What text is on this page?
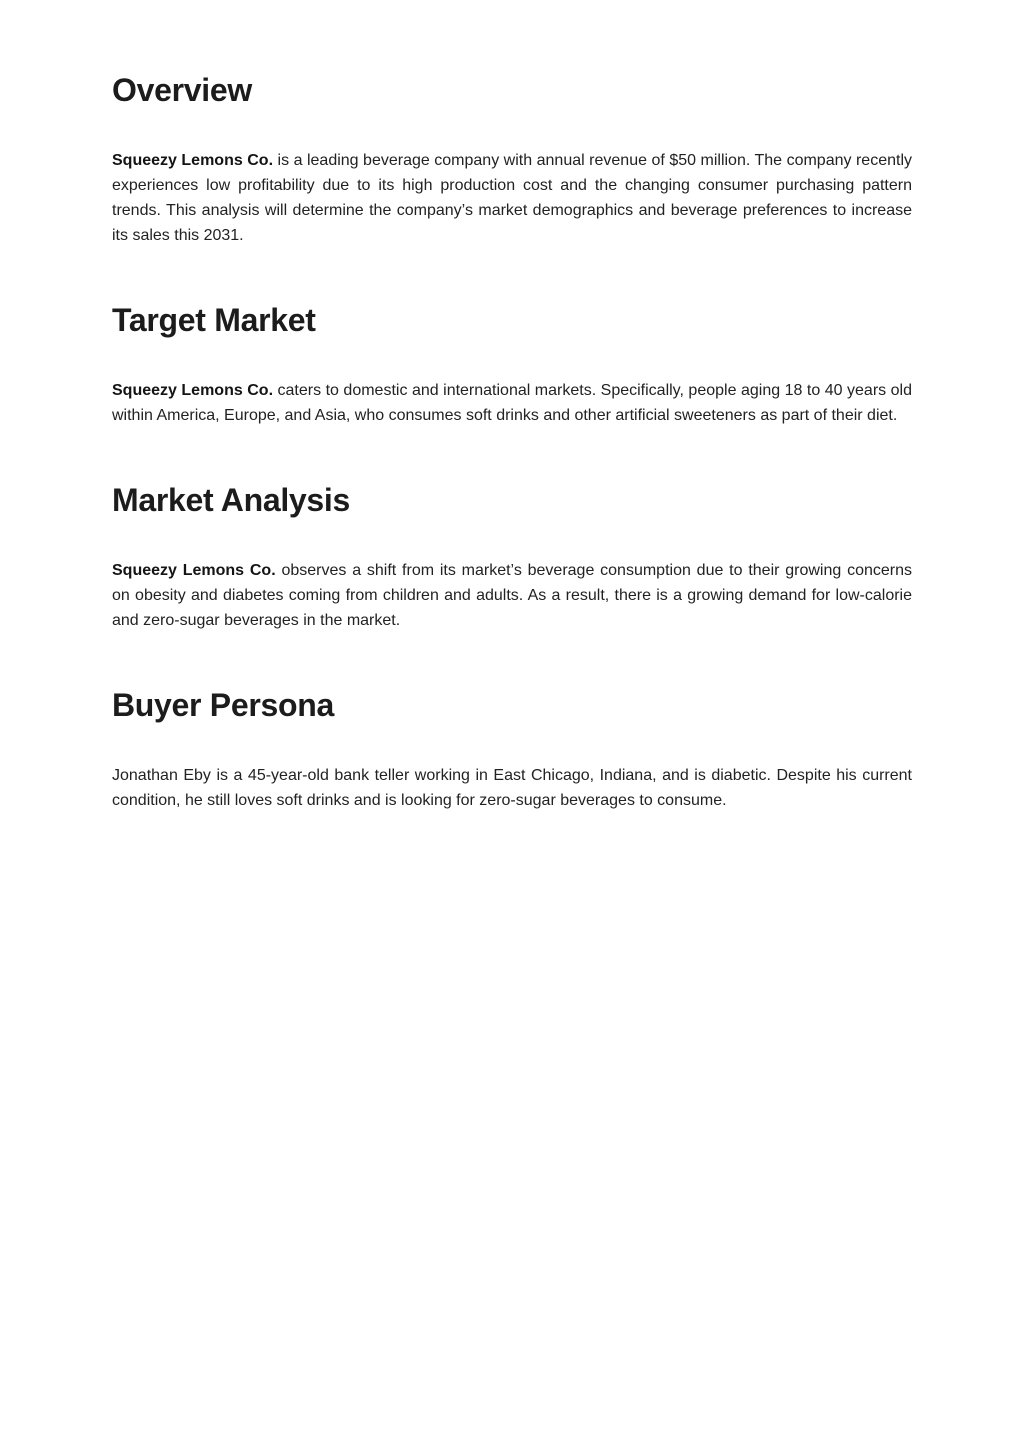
Overview

Squeezy Lemons Co. is a leading beverage company with annual revenue of $50 million. The company recently experiences low profitability due to its high production cost and the changing consumer purchasing pattern trends. This analysis will determine the company’s market demographics and beverage preferences to increase its sales this 2031.

Target Market

Squeezy Lemons Co. caters to domestic and international markets. Specifically, people aging 18 to 40 years old within America, Europe, and Asia, who consumes soft drinks and other artificial sweeteners as part of their diet.

Market Analysis

Squeezy Lemons Co. observes a shift from its market’s beverage consumption due to their growing concerns on obesity and diabetes coming from children and adults. As a result, there is a growing demand for low-calorie and zero-sugar beverages in the market.

Buyer Persona

Jonathan Eby is a 45-year-old bank teller working in East Chicago, Indiana, and is diabetic. Despite his current condition, he still loves soft drinks and is looking for zero-sugar beverages to consume.
